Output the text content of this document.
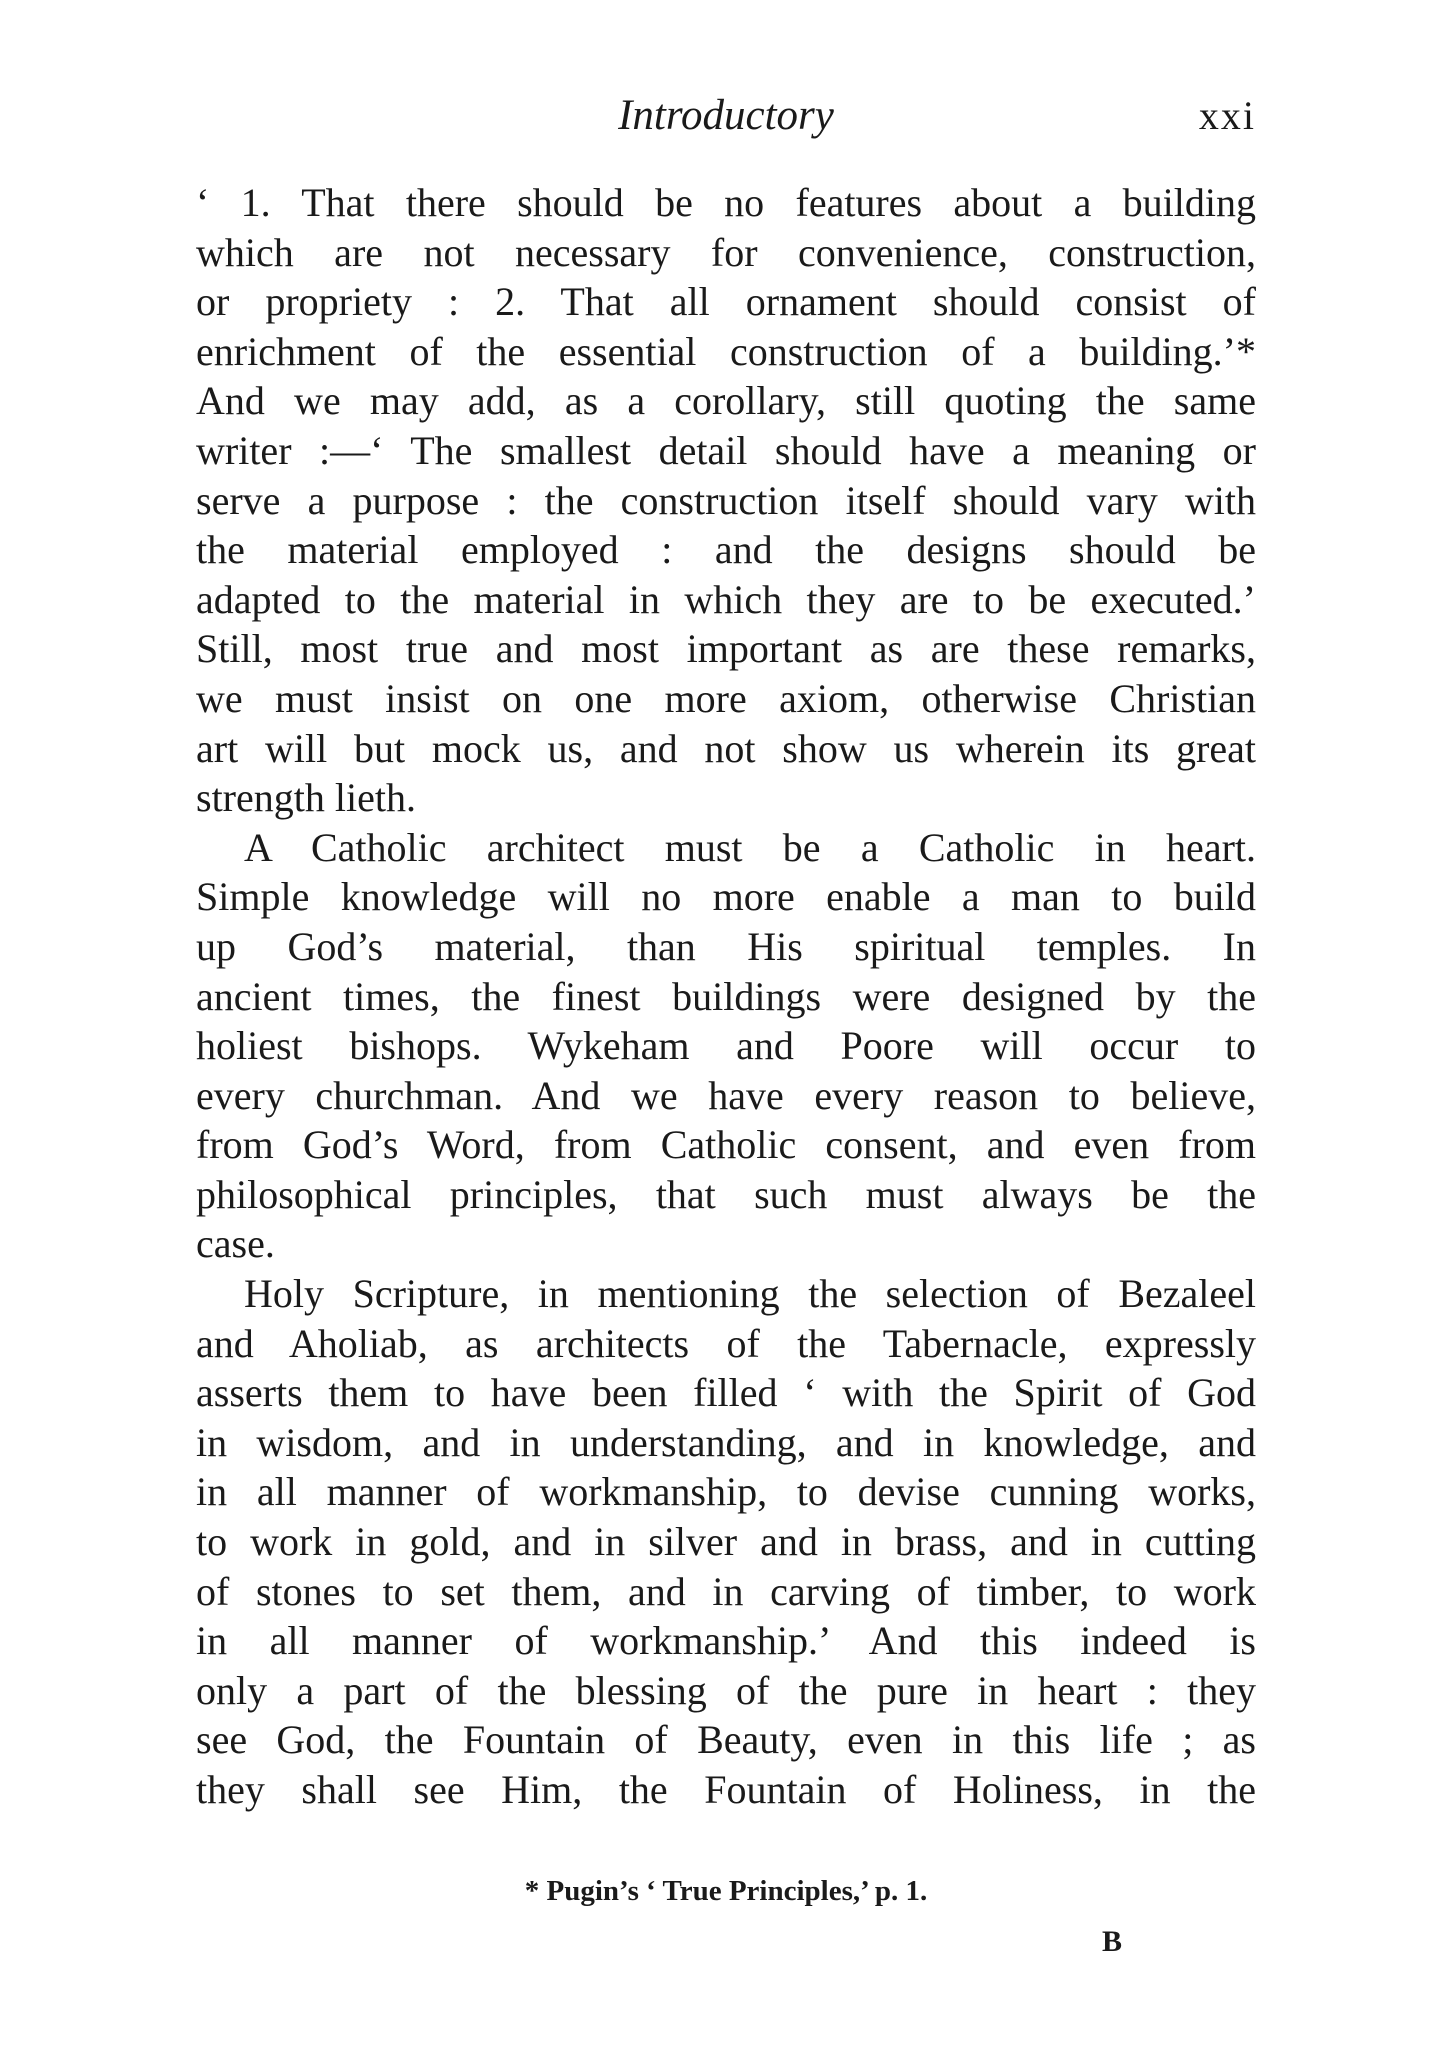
Introductory	xxi

‘ 1. That there should be no features about a building
which are not necessary for convenience, construction,
or propriety : 2. That all ornament should consist of
enrichment of the essential construction of a building.’*
And we may add, as a corollary, still quoting the same
writer :—‘ The smallest detail should have a meaning or
serve a purpose : the construction itself should vary with
the material employed : and the designs should be
adapted to the material in which they are to be executed.’
Still, most true and most important as are these remarks,
we must insist on one more axiom, otherwise Christian
art will but mock us, and not show us wherein its great
strength lieth.

A Catholic architect must be a Catholic in heart.
Simple knowledge will no more enable a man to build
up God’s material, than His spiritual temples. In
ancient times, the finest buildings were designed by the
holiest bishops. Wykeham and Poore will occur to
every churchman. And we have every reason to believe,
from God’s Word, from Catholic consent, and even from
philosophical principles, that such must always be the
case.

Holy Scripture, in mentioning the selection of Bezaleel
and Aholiab, as architects of the Tabernacle, expressly
asserts them to have been filled ‘ with the Spirit of God
in wisdom, and in understanding, and in knowledge, and
in all manner of workmanship, to devise cunning works,
to work in gold, and in silver and in brass, and in cutting
of stones to set them, and in carving of timber, to work
in all manner of workmanship.’ And this indeed is
only a part of the blessing of the pure in heart : they
see God, the Fountain of Beauty, even in this life ; as
they shall see Him, the Fountain of Holiness, in the

* Pugin’s ‘ True Principles,’ p. 1.
B
